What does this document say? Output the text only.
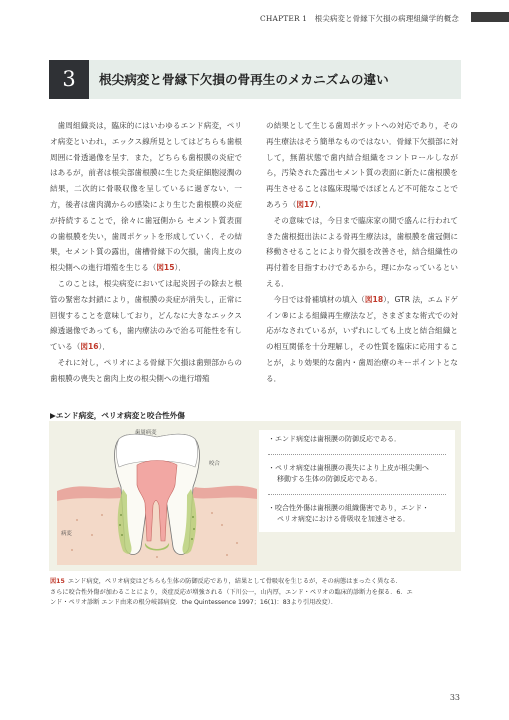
CHAPTER 1 根尖病変と骨縁下欠損の病理組織学的概念
3	根尖病変と骨縁下欠損の骨再生のメカニズムの違い

歯周組織炎は，臨床的にはいわゆるエンド病変，ペリオ病変といわれ，エックス線所見としてはどちらも歯根周囲に骨透過像を呈す．また，どちらも歯根膜の炎症ではあるが，前者は根尖部歯根膜に生じた炎症細胞浸潤の結果，二次的に骨吸収像を呈しているに過ぎない．一方，後者は歯肉溝からの感染により生じた歯根膜の炎症が持続することで，徐々に歯冠側から セメント質表面の歯根膜を失い，歯周ポケットを形成していく．その結果，セメント質の露出，歯槽骨縁下の欠損，歯肉上皮の根尖側への進行増殖を生じる（図15）．

このことは，根尖病変においては起炎因子の除去と根管の緊密な封鎖により，歯根膜の炎症が消失し，正常に回復することを意味しており，どんなに大きなエックス線透過像であっても，歯内療法のみで治る可能性を有している（図16）．

それに対し，ペリオによる骨縁下欠損は歯頸部からの歯根膜の喪失と歯肉上皮の根尖側への進行増殖

の結果として生じる歯周ポケットへの対応であり，その再生療法はそう簡単なものではない．骨縁下欠損部に対して，無菌状態で歯内結合組織をコントロールしながら，汚染された露出セメント質の表面に新たに歯根膜を再生させることは臨床現場でほぼとんど不可能なことであろう（図17）．

その意味では，今日まで臨床家の間で盛んに行われてきた歯根挺出法による骨再生療法は，歯根膜を歯冠側に移動させることにより骨欠損を改善させ，結合組織性の再付着を目指すわけであるから，理にかなっているといえる．

今日では骨補填材の填入（図18），GTR 法，エムドゲイン®による組織再生療法など，さまざまな術式での対応がなされているが，いずれにしても上皮と結合組織との相互関係を十分理解し，その性質を臨床に応用することが，より効果的な歯内・歯周治療のキーポイントとなる．

▶エンド病変，ペリオ病変と咬合性外傷
歯周病変
咬合
病変
・エンド病変は歯根膜の防御反応である．
・ペリオ病変は歯根膜の喪失により上皮が根尖側へ
移動する生体の防御反応である．
・咬合性外傷は歯根膜の組織傷害であり，エンド・
ペリオ病変における骨吸収を加速させる．
図15 エンド病変，ペリオ病変はどちらも生体の防御反応であり，結果として骨吸収を生じるが，その病態はまったく異なる．
さらに咬合性外傷が加わることにより，炎症反応が増強される（下川公一，山内厚，エンド・ペリオの臨床的診断力を探る．6．エ
ンド・ペリオ診断 エンド由来の根分岐部病変．the Quintessence 1997；16(1)：83より引用改変）．
33
